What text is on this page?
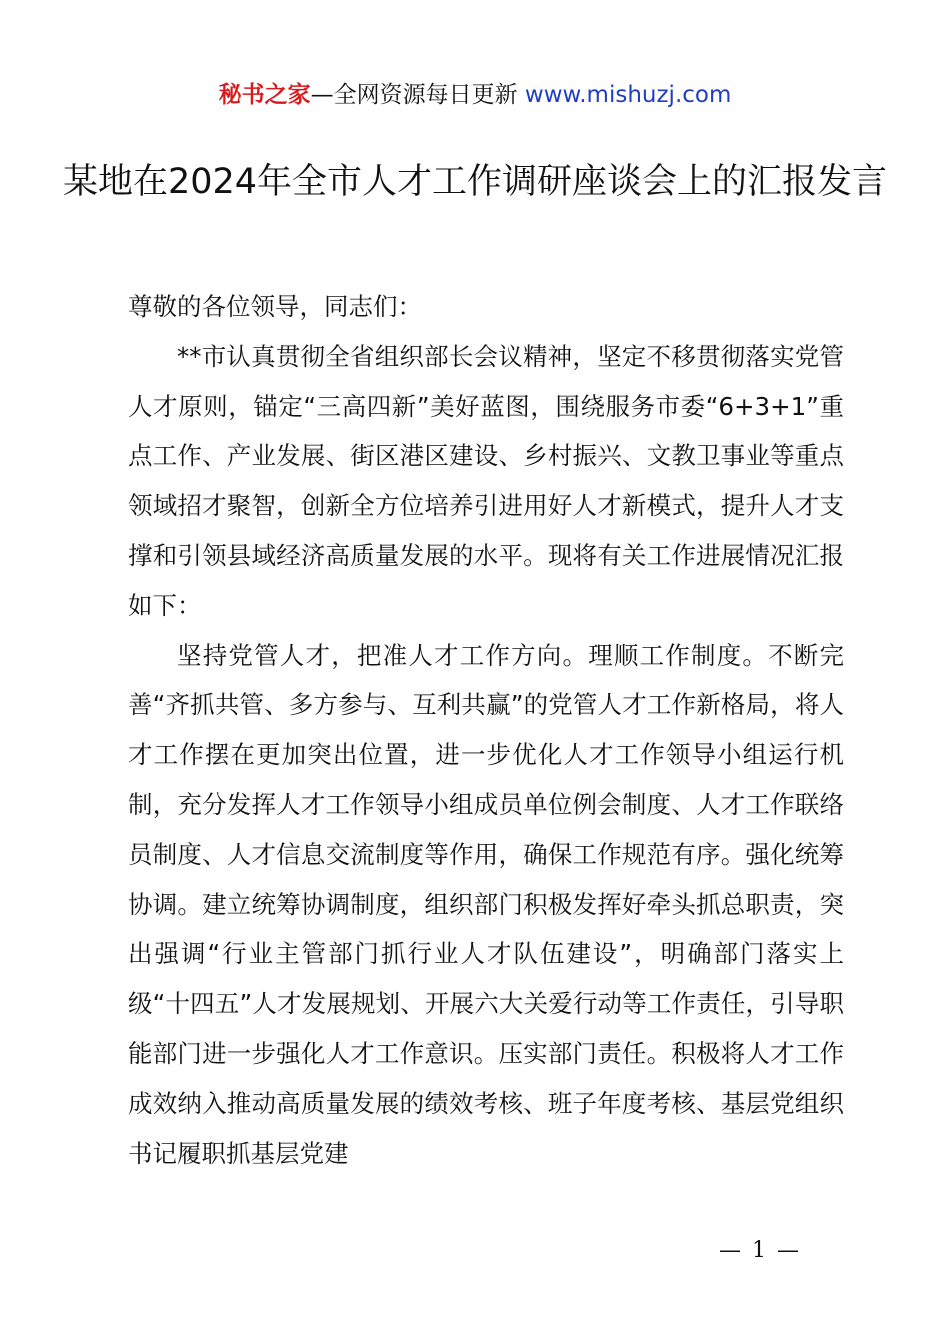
秘书之家—全网资源每日更新 www.mishuzj.com
某地在2024年全市人才工作调研座谈会上的汇报发言

尊敬的各位领导，同志们：

**市认真贯彻全省组织部长会议精神，坚定不移贯彻落实党管人才原则，锚定“三高四新”美好蓝图，围绕服务市委“6+3+1”重点工作、产业发展、街区港区建设、乡村振兴、文教卫事业等重点领域招才聚智，创新全方位培养引进用好人才新模式，提升人才支撑和引领县域经济高质量发展的水平。现将有关工作进展情况汇报如下：

坚持党管人才，把准人才工作方向。理顺工作制度。不断完善“齐抓共管、多方参与、互利共赢”的党管人才工作新格局，将人才工作摆在更加突出位置，进一步优化人才工作领导小组运行机制，充分发挥人才工作领导小组成员单位例会制度、人才工作联络员制度、人才信息交流制度等作用，确保工作规范有序。强化统筹协调。建立统筹协调制度，组织部门积极发挥好牵头抓总职责，突出强调“行业主管部门抓行业人才队伍建设”，明确部门落实上级“十四五”人才发展规划、开展六大关爱行动等工作责任，引导职能部门进一步强化人才工作意识。压实部门责任。积极将人才工作成效纳入推动高质量发展的绩效考核、班子年度考核、基层党组织书记履职抓基层党建

— 1 —
